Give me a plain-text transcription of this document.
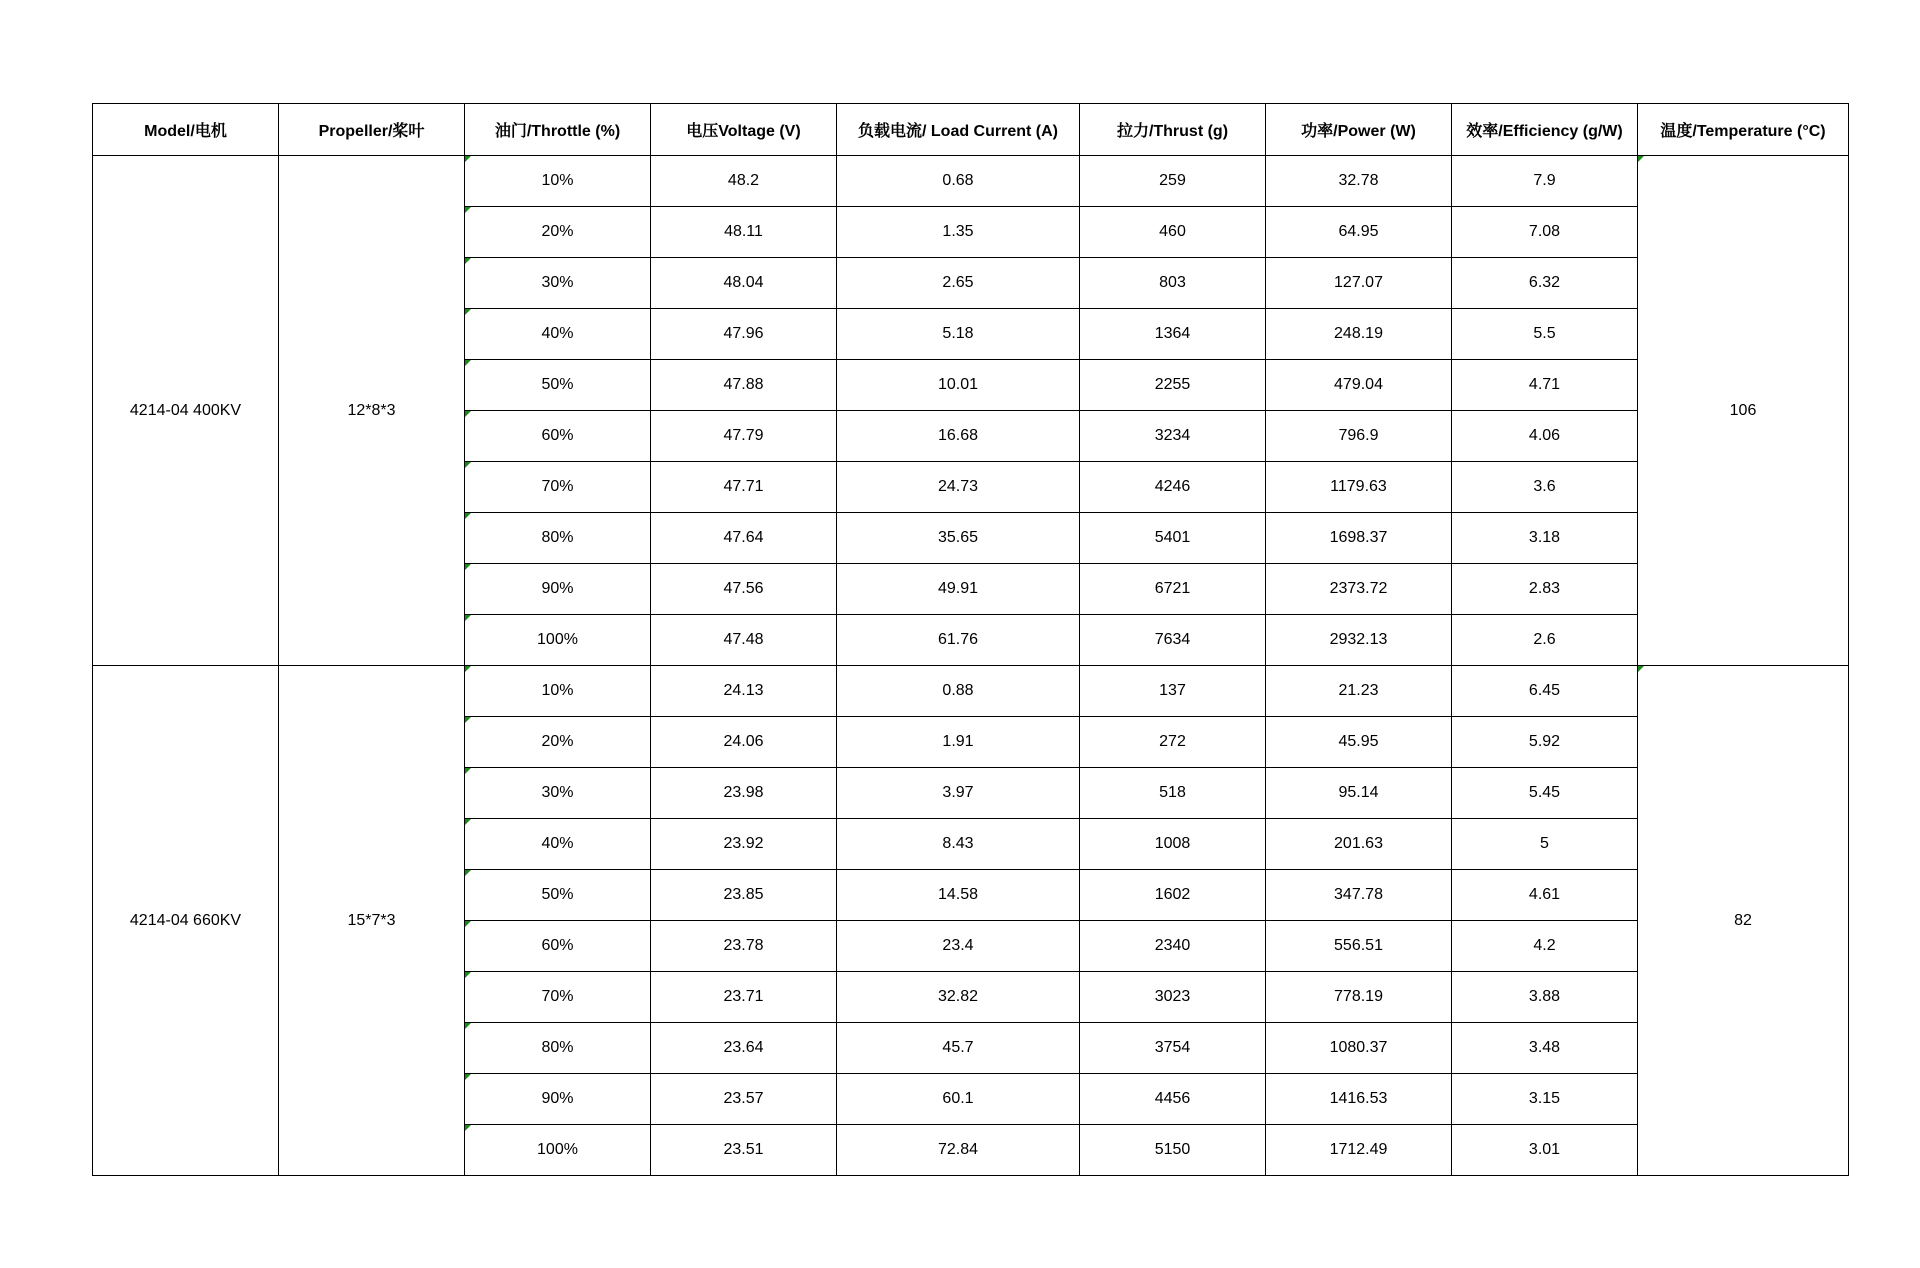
Model/电机	Propeller/桨叶	油门/Throttle (%)	电压Voltage (V)	负载电流/ Load Current (A)	拉力/Thrust (g)	功率/Power (W)	效率/Efficiency (g/W)	温度/Temperature (°C)
4214-04 400KV	12*8*3	10%	48.2	0.68	259	32.78	7.9	106
		20%	48.11	1.35	460	64.95	7.08	
		30%	48.04	2.65	803	127.07	6.32	
		40%	47.96	5.18	1364	248.19	5.5	
		50%	47.88	10.01	2255	479.04	4.71	
		60%	47.79	16.68	3234	796.9	4.06	
		70%	47.71	24.73	4246	1179.63	3.6	
		80%	47.64	35.65	5401	1698.37	3.18	
		90%	47.56	49.91	6721	2373.72	2.83	
		100%	47.48	61.76	7634	2932.13	2.6	
4214-04 660KV	15*7*3	10%	24.13	0.88	137	21.23	6.45	82
		20%	24.06	1.91	272	45.95	5.92	
		30%	23.98	3.97	518	95.14	5.45	
		40%	23.92	8.43	1008	201.63	5	
		50%	23.85	14.58	1602	347.78	4.61	
		60%	23.78	23.4	2340	556.51	4.2	
		70%	23.71	32.82	3023	778.19	3.88	
		80%	23.64	45.7	3754	1080.37	3.48	
		90%	23.57	60.1	4456	1416.53	3.15	
		100%	23.51	72.84	5150	1712.49	3.01	
